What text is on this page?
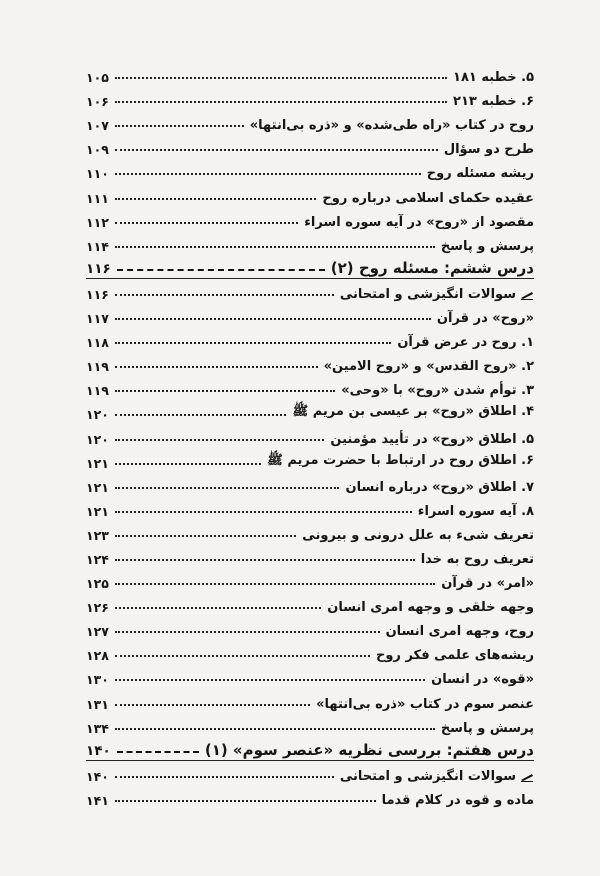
۵. خطبه ۱۸۱
۱۰۵
۶. خطبه ۲۱۳
۱۰۶
روح در کتاب «راه طی‌شده» و «ذره بی‌انتها»
۱۰۷
طرح دو سؤال
۱۰۹
ریشه مسئله روح
۱۱۰
عقیده حکمای اسلامی درباره روح
۱۱۱
مقصود از «روح» در آیه سوره اسراء
۱۱۲
پرسش و پاسخ
۱۱۴
درس ششم: مسئله روح (۲)
۱۱۶
سوالات انگیزشی و امتحانی
۱۱۶
«روح» در قرآن
۱۱۷
۱. روح در عرض قرآن
۱۱۸
۲. «روح القدس» و «روح الامین»
۱۱۹
۳. توأم شدن «روح» با «وحی»
۱۱۹
۴. اطلاق «روح» بر عیسی بن مریم ﷺ
۱۲۰
۵. اطلاق «روح» در تأیید مؤمنین
۱۲۰
۶. اطلاق روح در ارتباط با حضرت مریم ﷺ
۱۲۱
۷. اطلاق «روح» درباره انسان
۱۲۱
۸. آیه سوره اسراء
۱۲۱
تعریف شیء به علل درونی و بیرونی
۱۲۳
تعریف روح به خدا
۱۲۴
«امر» در قرآن
۱۲۵
وجهه خلقی و وجهه امری انسان
۱۲۶
روح، وجهه امری انسان
۱۲۷
ریشه‌های علمی فکر روح
۱۲۸
«قوه» در انسان
۱۳۰
عنصر سوم در کتاب «ذره بی‌انتها»
۱۳۱
پرسش و پاسخ
۱۳۴
درس هفتم: بررسی نظریه «عنصر سوم» (۱)
۱۴۰
سوالات انگیزشی و امتحانی
۱۴۰
ماده و قوه در کلام قدما
۱۴۱
